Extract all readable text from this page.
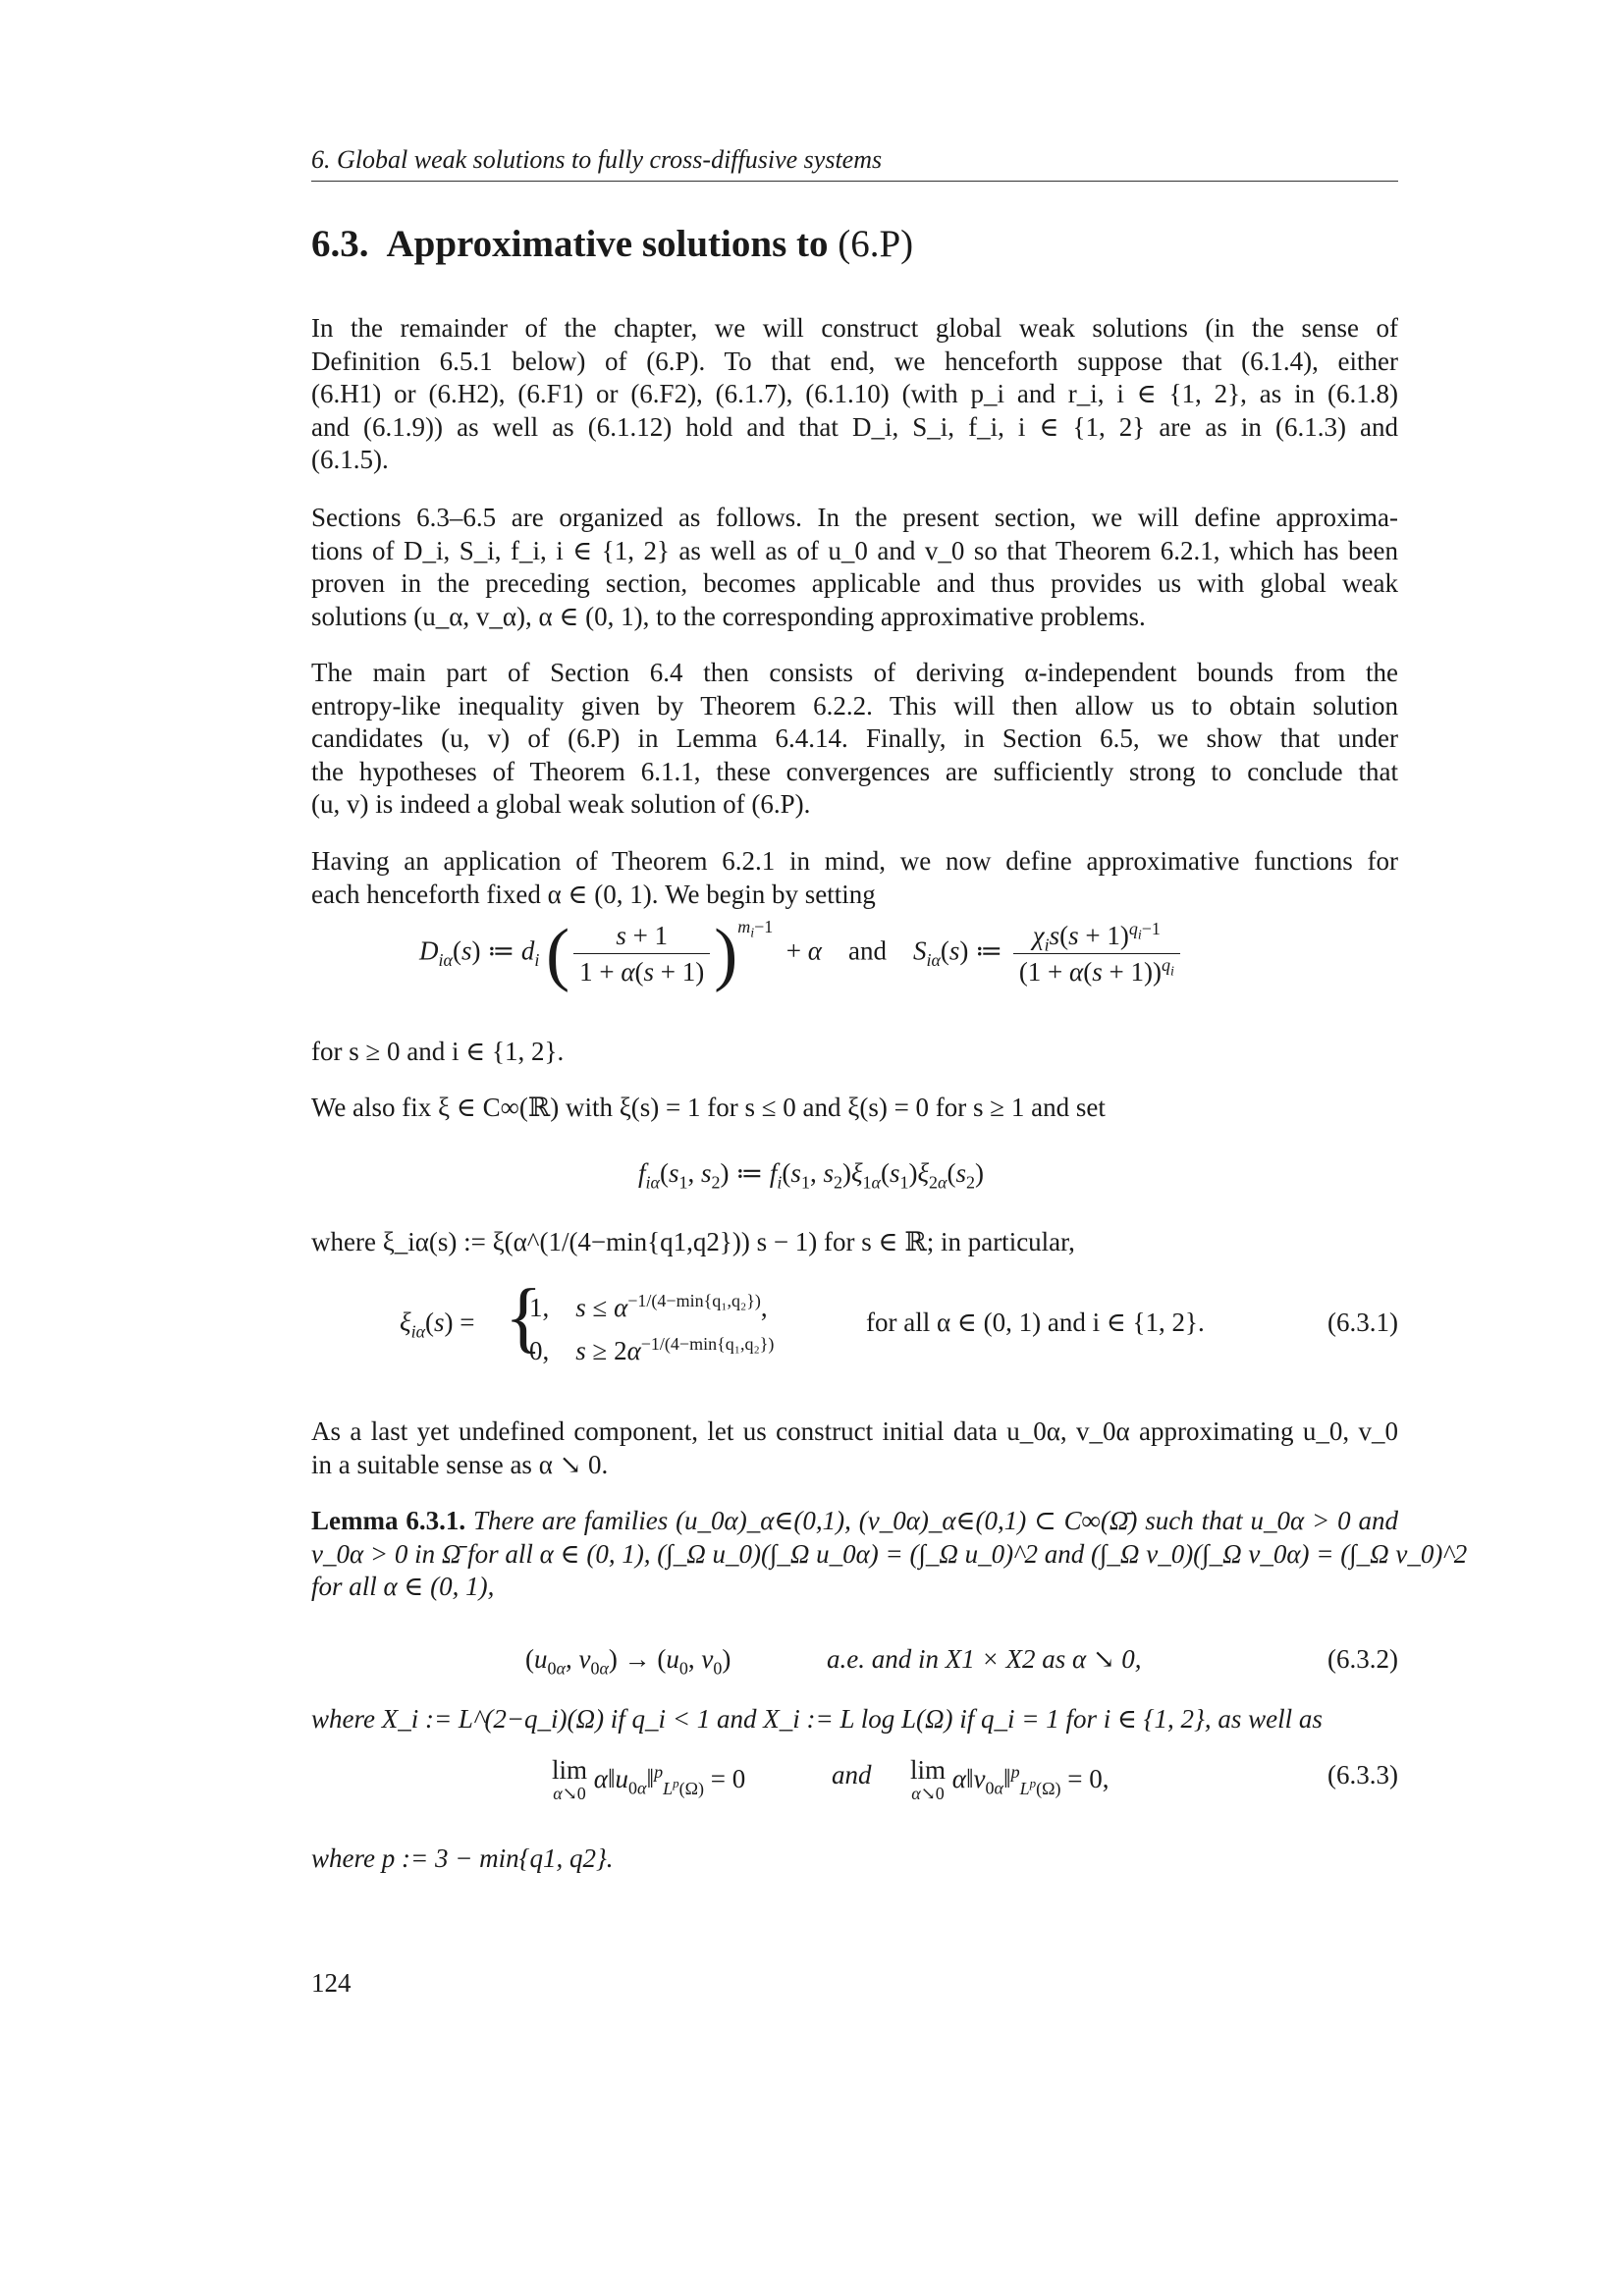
6. Global weak solutions to fully cross-diffusive systems
6.3. Approximative solutions to (6.P)
In the remainder of the chapter, we will construct global weak solutions (in the sense of
Definition 6.5.1 below) of (6.P). To that end, we henceforth suppose that (6.1.4), either
(6.H1) or (6.H2), (6.F1) or (6.F2), (6.1.7), (6.1.10) (with p_i and r_i, i ∈ {1, 2}, as in (6.1.8)
and (6.1.9)) as well as (6.1.12) hold and that D_i, S_i, f_i, i ∈ {1, 2} are as in (6.1.3) and
(6.1.5).
Sections 6.3–6.5 are organized as follows. In the present section, we will define approxima-
tions of D_i, S_i, f_i, i ∈ {1, 2} as well as of u_0 and v_0 so that Theorem 6.2.1, which has been
proven in the preceding section, becomes applicable and thus provides us with global weak
solutions (u_α, v_α), α ∈ (0, 1), to the corresponding approximative problems.
The main part of Section 6.4 then consists of deriving α-independent bounds from the
entropy-like inequality given by Theorem 6.2.2. This will then allow us to obtain solution
candidates (u, v) of (6.P) in Lemma 6.4.14. Finally, in Section 6.5, we show that under
the hypotheses of Theorem 6.1.1, these convergences are sufficiently strong to conclude that
(u, v) is indeed a global weak solution of (6.P).
Having an application of Theorem 6.2.1 in mind, we now define approximative functions for
each henceforth fixed α ∈ (0, 1). We begin by setting
$D_{i\alpha}(s)$ ≔ $d_i$ ( $\frac{s + 1}{1 + \alpha(s + 1)} )^{m_i-1} + \alpha$ and $S_{i\alpha}(s)$ ≔ $\frac{\chi_is(s + 1)^{q_i-1}}{(1 + \alpha(s + 1))^{q_i}}$
for s ≥ 0 and i ∈ {1, 2}.
We also fix ξ ∈ C∞(ℝ) with ξ(s) = 1 for s ≤ 0 and ξ(s) = 0 for s ≥ 1 and set
$f_{i\alpha}(s_1$, $s_2$) ≔ $f_i(s_1$, $s_2)\xi_{1\alpha}(s_1)\xi_{2\alpha}(s_2)$
where ξ_iα(s) := ξ(α^(1/(4−min{q1,q2})) s − 1) for s ∈ ℝ; in particular,
$\xi_{i\alpha}(s)$ = {
1,    $s \le \alpha^{-1/(4-min\{q_1,q_2\})}$,
0,    $s \ge 2\alpha^{-1/(4-min\{q_1,q_2\})}$
for all α ∈ (0, 1) and i ∈ {1, 2}.	(6.3.1)
As a last yet undefined component, let us construct initial data u_0α, v_0α approximating u_0, v_0
in a suitable sense as α ↘ 0.
Lemma 6.3.1. There are families (u_0α)_α∈(0,1), (v_0α)_α∈(0,1) ⊂ C∞(Ω̄) such that u_0α > 0 and
v_0α > 0 in Ω̄ for all α ∈ (0, 1), (∫_Ω u_0)(∫_Ω u_0α) = (∫_Ω u_0)^2 and (∫_Ω v_0)(∫_Ω v_0α) = (∫_Ω v_0)^2
for all α ∈ (0, 1),
($u_{0\alpha}$, $v_{0\alpha}) \to (u_0$, $v_0$)	a.e. and in X1 × X2 as α ↘ 0,	(6.3.2)
where X_i := L^(2−q_i)(Ω) if q_i < 1 and X_i := L log L(Ω) if q_i = 1 for i ∈ {1, 2}, as well as
lim
α↘0 $\alpha‖u_{0\alpha}‖^p_{L^p(\Omega)} = 0$	and lim
α↘0 $\alpha‖v_{0\alpha}‖^p_{L^p(\Omega)} = 0$,	(6.3.3)
where p := 3 − min{q1, q2}.
124
